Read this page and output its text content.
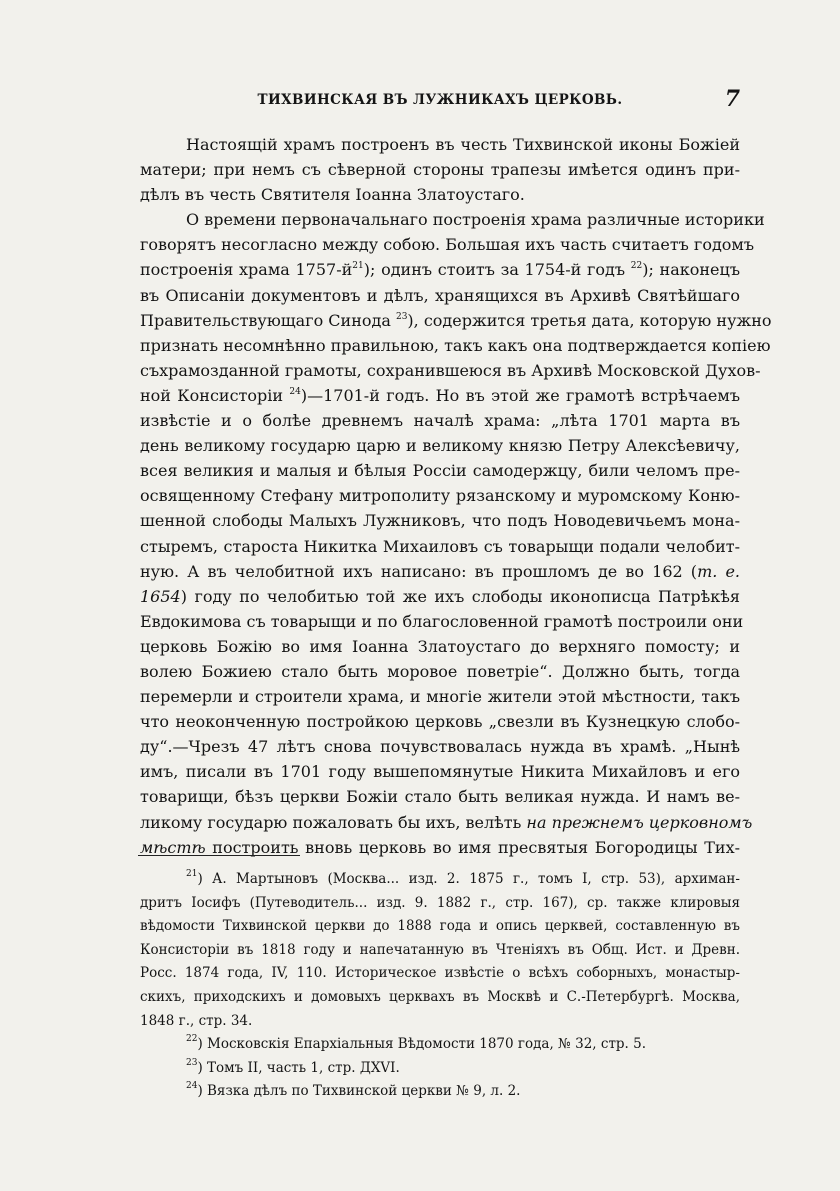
ТИХВИНСКАЯ ВЪ ЛУЖНИКАХЪ ЦЕРКОВЬ.	7
Настоящій храмъ построенъ въ честь Тихвинской иконы Божіей
матери; при немъ съ сѣверной стороны трапезы имѣется одинъ при-
дѣлъ въ честь Святителя Іоанна Златоустаго.
О времени первоначальнаго построенія храма различные историки
говорятъ несогласно между собою. Большая ихъ часть считаетъ годомъ
построенія храма $1757-й^{21}$); одинъ стоитъ за 1754-й годъ $^{22}$); наконецъ
въ Описаніи документовъ и дѣлъ, хранящихся въ Архивѣ Святѣйшаго
Правительствующаго Синода $^{23}$), содержится третья дата, которую нужно
признать несомнѣнно правильною, такъ какъ она подтверждается копіею
съхрамозданной грамоты, сохранившеюся въ Архивѣ Московской Духов-
ной Консисторіи $^{24}$)—1701-й годъ. Но въ этой же грамотѣ встрѣчаемъ
извѣстіе и о болѣе древнемъ началѣ храма: „лѣта 1701 марта въ
день великому государю царю и великому князю Петру Алексѣевичу,
всея великия и малыя и бѣлыя Россіи самодержцу, били челомъ пре-
освященному Стефану митрополиту рязанскому и муромскому Коню-
шенной слободы Малыхъ Лужниковъ, что подъ Новодевичьемъ мона-
стыремъ, староста Никитка Михаиловъ съ товарыщи подали челобит-
ную. А въ челобитной ихъ написано: въ прошломъ де во 162 (т. е.
1654) году по челобитью той же ихъ слободы иконописца Патрѣкѣя
Евдокимова съ товарыщи и по благословенной грамотѣ построили они
церковь Божію во имя Іоанна Златоустаго до верхняго помосту; и
волею Божиею стало быть моровое поветріе“. Должно быть, тогда
перемерли и строители храма, и многіе жители этой мѣстности, такъ
что неоконченную постройкою церковь „свезли въ Кузнецкую слобо-
ду“.—Чрезъ 47 лѣтъ снова почувствовалась нужда въ храмѣ. „Нынѣ
имъ, писали въ 1701 году вышепомянутые Никита Михайловъ и его
товарищи, бѣзъ церкви Божіи стало быть великая нужда. И намъ ве-
ликому государю пожаловать бы ихъ, велѣть на прежнемъ церковномъ
мѣстѣ построить вновь церковь во имя пресвятыя Богородицы Тих-
$^{21}$) А. Мартыновъ (Москва... изд. 2. 1875 г., томъ I, стр. 53), архиман-
дритъ Іосифъ (Путеводитель... изд. 9. 1882 г., стр. 167), ср. также клировыя
вѣдомости Тихвинской церкви до 1888 года и опись церквей, составленную въ
Консисторіи въ 1818 году и напечатанную въ Чтеніяхъ въ Общ. Ист. и Древн.
Росс. 1874 года, IV, 110. Историческое извѣстіе о всѣхъ соборныхъ, монастыр-
скихъ, приходскихъ и домовыхъ церквахъ въ Москвѣ и С.-Петербургѣ. Москва,
1848 г., стр. 34.
$^{22}$) Московскія Епархіальныя Вѣдомости 1870 года, № 32, стр. 5.
$^{23}$) Томъ II, часть 1, стр. ДХVI.
$^{24}$) Вязка дѣлъ по Тихвинской церкви № 9, л. 2.
